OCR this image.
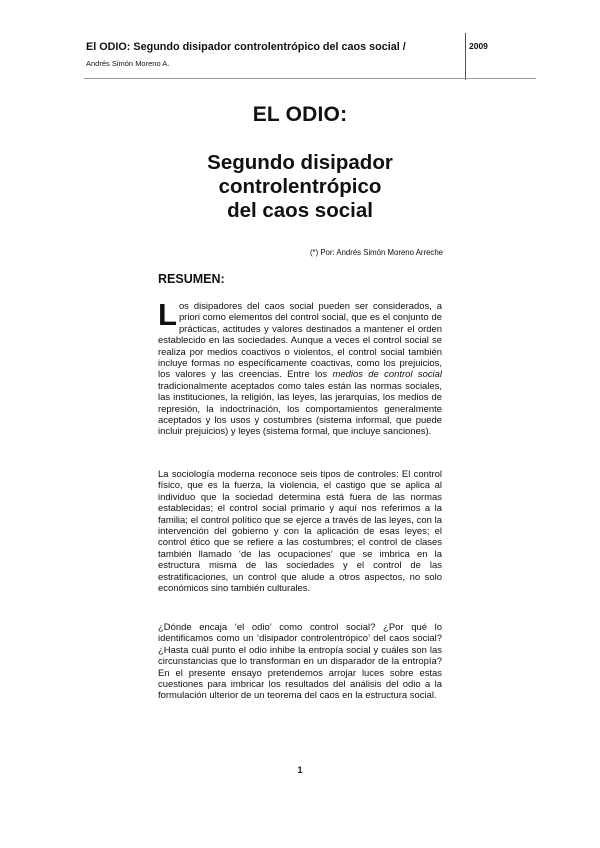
El ODIO: Segundo disipador controlentrópico del caos social /
Andrés Simón Moreno A.
2009
EL ODIO:
Segundo disipador
controlentrópico
del caos social
(*) Por: Andrés Simón Moreno Arreche
RESUMEN:
Los disipadores del caos social pueden ser considerados, a priori como elementos del control social, que es el conjunto de prácticas, actitudes y valores destinados a mantener el orden establecido en las sociedades. Aunque a veces el control social se realiza por medios coactivos o violentos, el control social también incluye formas no específicamente coactivas, como los prejuicios, los valores y las creencias. Entre los medios de control social tradicionalmente aceptados como tales están las normas sociales, las instituciones, la religión, las leyes, las jerarquías, los medios de represión, la indoctrinación, los comportamientos generalmente aceptados y los usos y costumbres (sistema informal, que puede incluir prejuicios) y leyes (sistema formal, que incluye sanciones).
La sociología moderna reconoce seis tipos de controles: El control físico, que es la fuerza, la violencia, el castigo que se aplica al individuo que la sociedad determina está fuera de las normas establecidas; el control social primario y aquí nos referimos a la familia; el control político que se ejerce a través de las leyes, con la intervención del gobierno y con la aplicación de esas leyes; el control ético que se refiere a las costumbres; el control de clases también llamado ‘de las ocupaciones’ que se imbrica en la estructura misma de las sociedades y el control de las estratificaciones, un control que alude a otros aspectos, no solo económicos sino también culturales.
¿Dónde encaja ‘el odio’ como control social? ¿Por qué lo identificamos como un ‘disipador controlentrópico’ del caos social? ¿Hasta cuál punto el odio inhibe la entropía social y cuáles son las circunstancias que lo transforman en un disparador de la entropía? En el presente ensayo pretendemos arrojar luces sobre estas cuestiones para imbricar los resultados del análisis del odio a la formulación ulterior de un teorema del caos en la estructura social.
1
